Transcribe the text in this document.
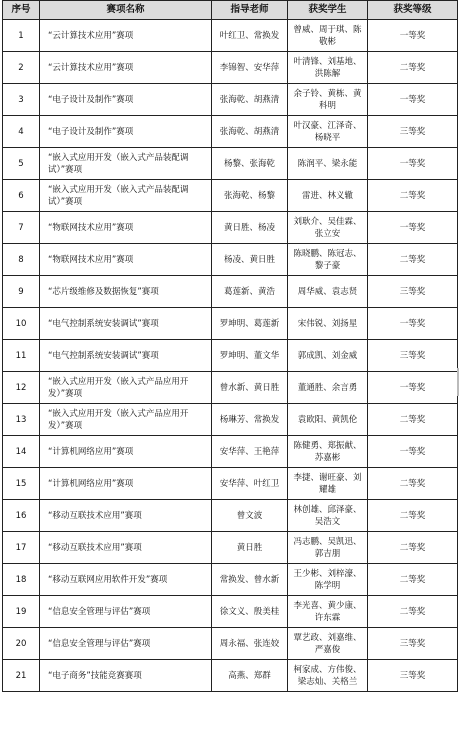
序号	赛项名称	指导老师	获奖学生	获奖等级
1	“云计算技术应用”赛项	叶红卫、常换发	曾威、周于琪、陈敬彬	一等奖
2	“云计算技术应用”赛项	李锦智、安华萍	叶清锋、刘基地、洪陈解	二等奖
3	“电子设计及制作”赛项	张海乾、胡燕清	余子铃、黄栋、黄科明	一等奖
4	“电子设计及制作”赛项	张海乾、胡燕清	叶汉豪、江泽奇、杨晓平	三等奖
5	“嵌入式应用开发（嵌入式产品装配调试）”赛项	杨黎、张海乾	陈润平、梁永能	一等奖
6	“嵌入式应用开发（嵌入式产品装配调试）”赛项	张海乾、杨黎	雷进、林义辙	二等奖
7	“物联网技术应用”赛项	黄日胜、杨凌	刘耿介、吴佳霖、张立安	一等奖
8	“物联网技术应用”赛项	杨凌、黄日胜	陈晓鹏、陈冠志、黎子豪	二等奖
9	“芯片级维修及数据恢复”赛项	葛莲新、黄浩	周华威、袁志贤	三等奖
10	“电气控制系统安装调试”赛项	罗坤明、葛莲新	宋伟锐、刘扬星	一等奖
11	“电气控制系统安装调试”赛项	罗坤明、董文华	郭成凯、刘金威	三等奖
12	“嵌入式应用开发（嵌入式产品应用开发）”赛项	曾水新、黄日胜	董通胜、余言勇	一等奖
13	“嵌入式应用开发（嵌入式产品应用开发）”赛项	杨琳芳、常换发	袁欧阳、黄凯伦	二等奖
14	“计算机网络应用”赛项	安华萍、王艳萍	陈健勇、郑振献、苏嘉彬	一等奖
15	“计算机网络应用”赛项	安华萍、叶红卫	李捷、谢旺豪、刘耀雄	二等奖
16	“移动互联技术应用”赛项	曾文波	林创雄、邱泽豪、吴浩文	二等奖
17	“移动互联技术应用”赛项	黄日胜	冯志鹏、吴凯迅、郭吉朋	二等奖
18	“移动互联网应用软件开发”赛项	常换发、曾水新	王少彬、刘梓濠、陈学明	二等奖
19	“信息安全管理与评估”赛项	徐文义、殷美桂	李光喜、黄少康、许东霖	二等奖
20	“信息安全管理与评估”赛项	周永福、张连姣	覃艺政、刘嘉维、严嘉俊	三等奖
21	“电子商务”技能竞赛赛项	高燕、郑群	柯家成、方伟俊、梁志灿、关格兰	三等奖
